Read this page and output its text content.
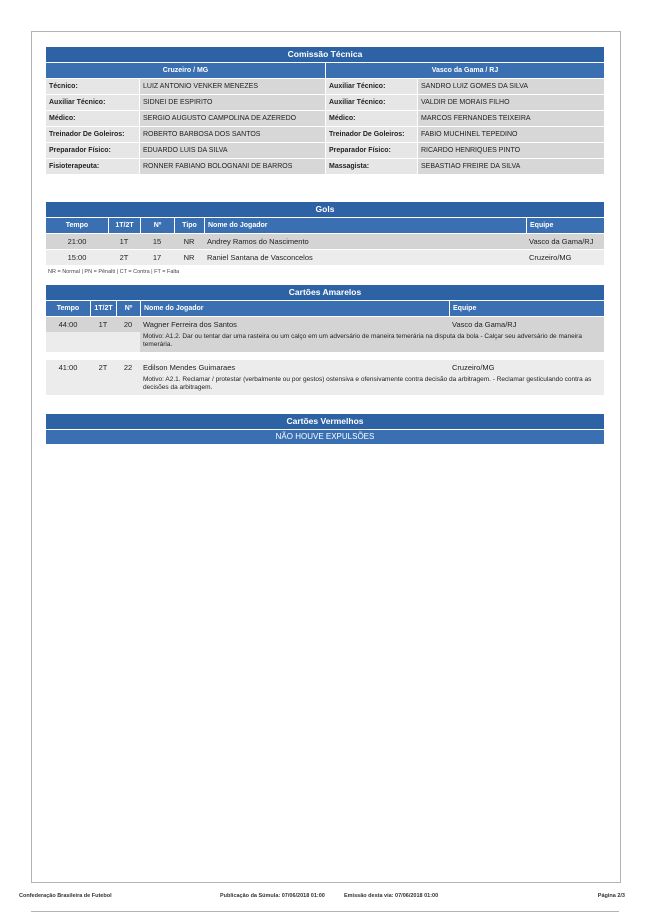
Comissão Técnica
Cruzeiro / MG	Vasco da Gama / RJ
Técnico:	LUIZ ANTONIO VENKER MENEZES	Auxiliar Técnico:	SANDRO LUIZ GOMES DA SILVA
Auxiliar Técnico:	SIDNEI DE ESPIRITO	Auxiliar Técnico:	VALDIR DE MORAIS FILHO
Médico:	SERGIO AUGUSTO CAMPOLINA DE AZEREDO	Médico:	MARCOS FERNANDES TEIXEIRA
Treinador De Goleiros:	ROBERTO BARBOSA DOS SANTOS	Treinador De Goleiros:	FABIO MUCHINEL TEPEDINO
Preparador Físico:	EDUARDO LUIS DA SILVA	Preparador Físico:	RICARDO HENRIQUES PINTO
Fisioterapeuta:	RONNER FABIANO BOLOGNANI DE BARROS	Massagista:	SEBASTIAO FREIRE DA SILVA
Gols
Tempo	1T/2T	Nº	Tipo	Nome do Jogador	Equipe
21:00	1T	15	NR	Andrey Ramos do Nascimento	Vasco da Gama/RJ
15:00	2T	17	NR	Raniel Santana de Vasconcelos	Cruzeiro/MG
NR = Normal | PN = Pênalti | CT = Contra | FT = Falta
Cartões Amarelos
Tempo	1T/2T	Nº	Nome do Jogador	Equipe
44:00	1T	20	Wagner Ferreira dos Santos	Vasco da Gama/RJ
Motivo: A1.2. Dar ou tentar dar uma rasteira ou um calço em um adversário de maneira temerária na disputa da bola - Calçar seu adversário de maneira temerária.
41:00	2T	22	Edilson Mendes Guimaraes	Cruzeiro/MG
Motivo: A2.1. Reclamar / protestar (verbalmente ou por gestos) ostensiva e ofensivamente contra decisão da arbitragem. - Reclamar gesticulando contra as decisões da arbitragem.
Cartões Vermelhos
NÃO HOUVE EXPULSÕES
Confederação Brasileira de Futebol	Publicação da Súmula: 07/06/2018 01:00	Emissão desta via: 07/06/2018 01:00	Página 2/3
